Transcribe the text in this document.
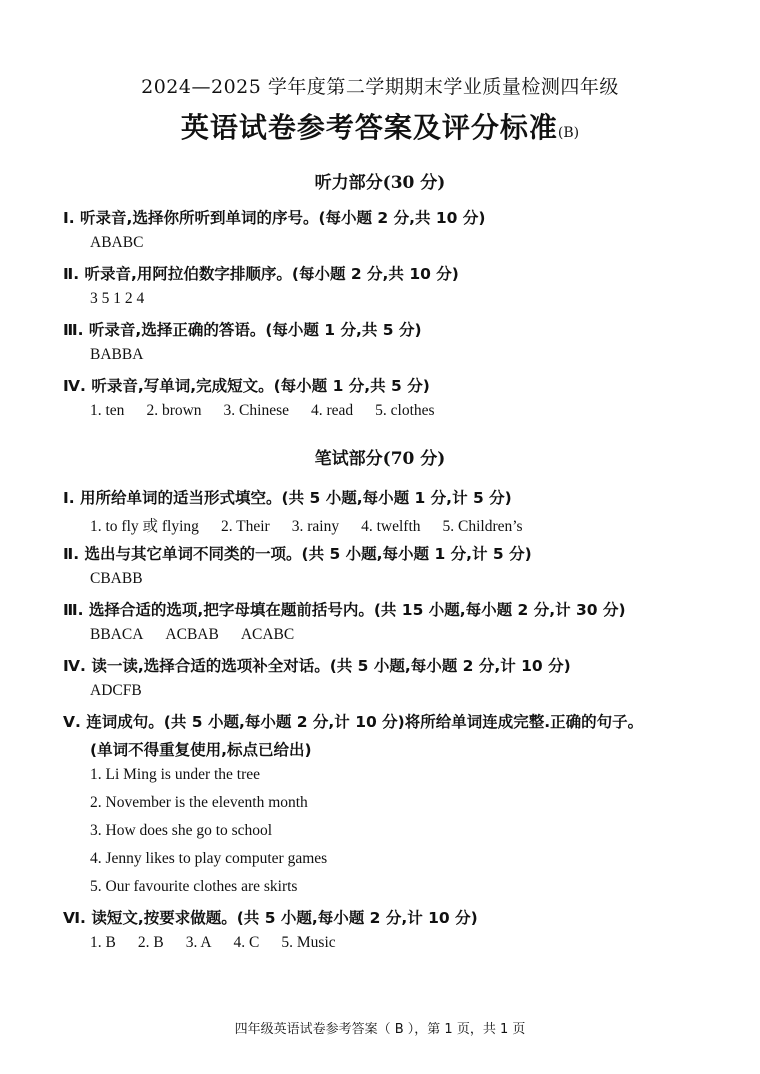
2024—2025 学年度第二学期期末学业质量检测四年级
英语试卷参考答案及评分标准(B)
听力部分(30 分)
Ⅰ. 听录音,选择你所听到单词的序号。(每小题 2 分,共 10 分)
ABABC
Ⅱ. 听录音,用阿拉伯数字排顺序。(每小题 2 分,共 10 分)
3 5 1 2 4
Ⅲ. 听录音,选择正确的答语。(每小题 1 分,共 5 分)
BABBA
Ⅳ. 听录音,写单词,完成短文。(每小题 1 分,共 5 分)
1. ten 2. brown 3. Chinese 4. read 5. clothes
笔试部分(70 分)
Ⅰ. 用所给单词的适当形式填空。(共 5 小题,每小题 1 分,计 5 分)
1. to fly 或 flying 2. Their 3. rainy 4. twelfth 5. Children’s
Ⅱ. 选出与其它单词不同类的一项。(共 5 小题,每小题 1 分,计 5 分)
CBABB
Ⅲ. 选择合适的选项,把字母填在题前括号内。(共 15 小题,每小题 2 分,计 30 分)
BBACA ACBAB ACABC
Ⅳ. 读一读,选择合适的选项补全对话。(共 5 小题,每小题 2 分,计 10 分)
ADCFB
Ⅴ. 连词成句。(共 5 小题,每小题 2 分,计 10 分)将所给单词连成完整.正确的句子。
(单词不得重复使用,标点已给出)
1. Li Ming is under the tree
2. November is the eleventh month
3. How does she go to school
4. Jenny likes to play computer games
5. Our favourite clothes are skirts
Ⅵ. 读短文,按要求做题。(共 5 小题,每小题 2 分,计 10 分)
1. B 2. B 3. A 4. C 5. Music
四年级英语试卷参考答案（ B ），第 1 页，共 1 页
